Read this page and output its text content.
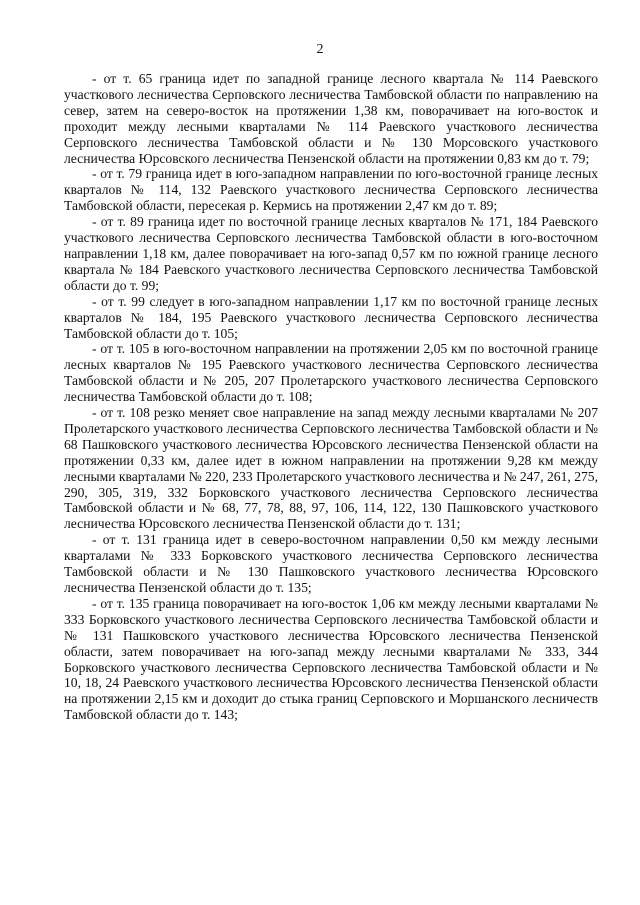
2

- от т. 65 граница идет по западной границе лесного квартала № 114 Раевского участкового лесничества Серповского лесничества Тамбовской области по направлению на север, затем на северо-восток на протяжении 1,38 км, поворачивает на юго-восток и проходит между лесными кварталами № 114 Раевского участкового лесничества Серповского лесничества Тамбовской области и № 130 Морсовского участкового лесничества Юрсовского лесничества Пензенской области на протяжении 0,83 км до т. 79;

- от т. 79 граница идет в юго-западном направлении по юго-восточной границе лесных кварталов № 114, 132 Раевского участкового лесничества Серповского лесничества Тамбовской области, пересекая р. Кермись на протяжении 2,47 км до т. 89;

- от т. 89 граница идет по восточной границе лесных кварталов № 171, 184 Раевского участкового лесничества Серповского лесничества Тамбовской области в юго-восточном направлении 1,18 км, далее поворачивает на юго-запад 0,57 км по южной границе лесного квартала № 184 Раевского участкового лесничества Серповского лесничества Тамбовской области до т. 99;

- от т. 99 следует в юго-западном направлении 1,17 км по восточной границе лесных кварталов № 184, 195 Раевского участкового лесничества Серповского лесничества Тамбовской области до т. 105;

- от т. 105 в юго-восточном направлении на протяжении 2,05 км по восточной границе лесных кварталов № 195 Раевского участкового лесничества Серповского лесничества Тамбовской области и № 205, 207 Пролетарского участкового лесничества Серповского лесничества Тамбовской области до т. 108;

- от т. 108 резко меняет свое направление на запад между лесными кварталами № 207 Пролетарского участкового лесничества Серповского лесничества Тамбовской области и № 68 Пашковского участкового лесничества Юрсовского лесничества Пензенской области на протяжении 0,33 км, далее идет в южном направлении на протяжении 9,28 км между лесными кварталами № 220, 233 Пролетарского участкового лесничества и № 247, 261, 275, 290, 305, 319, 332 Борковского участкового лесничества Серповского лесничества Тамбовской области и № 68, 77, 78, 88, 97, 106, 114, 122, 130 Пашковского участкового лесничества Юрсовского лесничества Пензенской области до т. 131;

- от т. 131 граница идет в северо-восточном направлении 0,50 км между лесными кварталами № 333 Борковского участкового лесничества Серповского лесничества Тамбовской области и № 130 Пашковского участкового лесничества Юрсовского лесничества Пензенской области до т. 135;

- от т. 135 граница поворачивает на юго-восток 1,06 км между лесными кварталами № 333 Борковского участкового лесничества Серповского лесничества Тамбовской области и № 131 Пашковского участкового лесничества Юрсовского лесничества Пензенской области, затем поворачивает на юго-запад между лесными кварталами № 333, 344 Борковского участкового лесничества Серповского лесничества Тамбовской области и № 10, 18, 24 Раевского участкового лесничества Юрсовского лесничества Пензенской области на протяжении 2,15 км и доходит до стыка границ Серповского и Моршанского лесничеств Тамбовской области до т. 143;
